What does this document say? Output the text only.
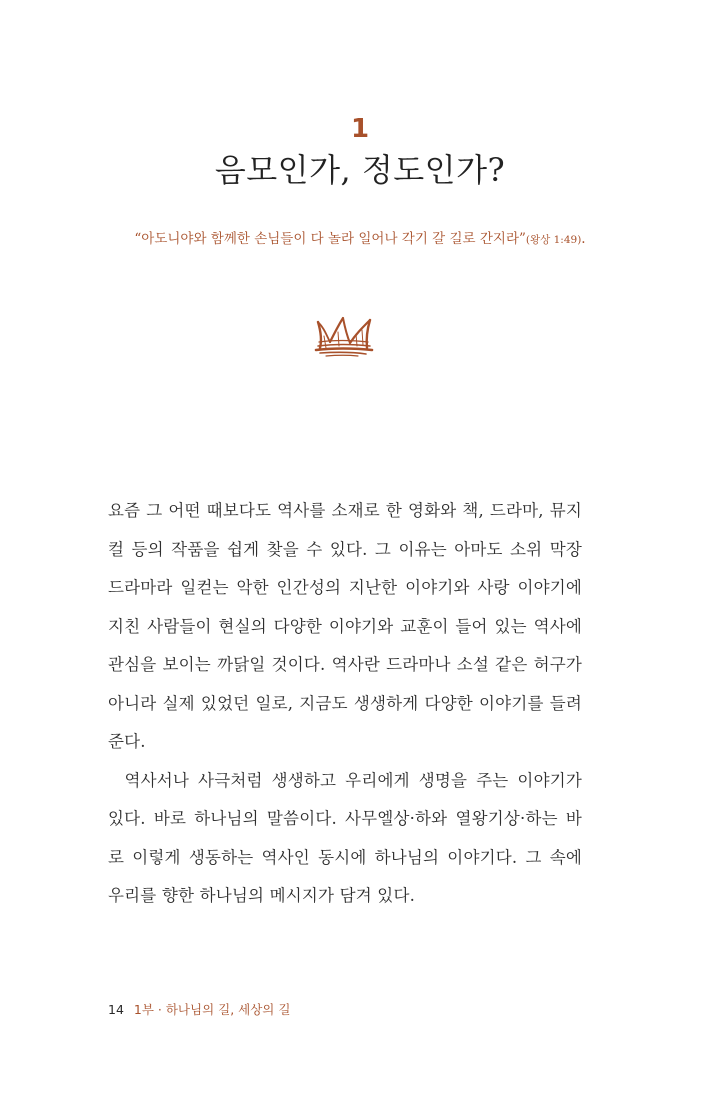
1
음모인가, 정도인가?
“아도니야와 함께한 손님들이 다 놀라 일어나 각기 갈 길로 간지라”(왕상 1:49).

요즘 그 어떤 때보다도 역사를 소재로 한 영화와 책, 드라마, 뮤지컬 등의 작품을 쉽게 찾을 수 있다. 그 이유는 아마도 소위 막장 드라마라 일컫는 악한 인간성의 지난한 이야기와 사랑 이야기에 지친 사람들이 현실의 다양한 이야기와 교훈이 들어 있는 역사에 관심을 보이는 까닭일 것이다. 역사란 드라마나 소설 같은 허구가 아니라 실제 있었던 일로, 지금도 생생하게 다양한 이야기를 들려준다.

역사서나 사극처럼 생생하고 우리에게 생명을 주는 이야기가 있다. 바로 하나님의 말씀이다. 사무엘상·하와 열왕기상·하는 바로 이렇게 생동하는 역사인 동시에 하나님의 이야기다. 그 속에 우리를 향한 하나님의 메시지가 담겨 있다.

14 1부 · 하나님의 길, 세상의 길
